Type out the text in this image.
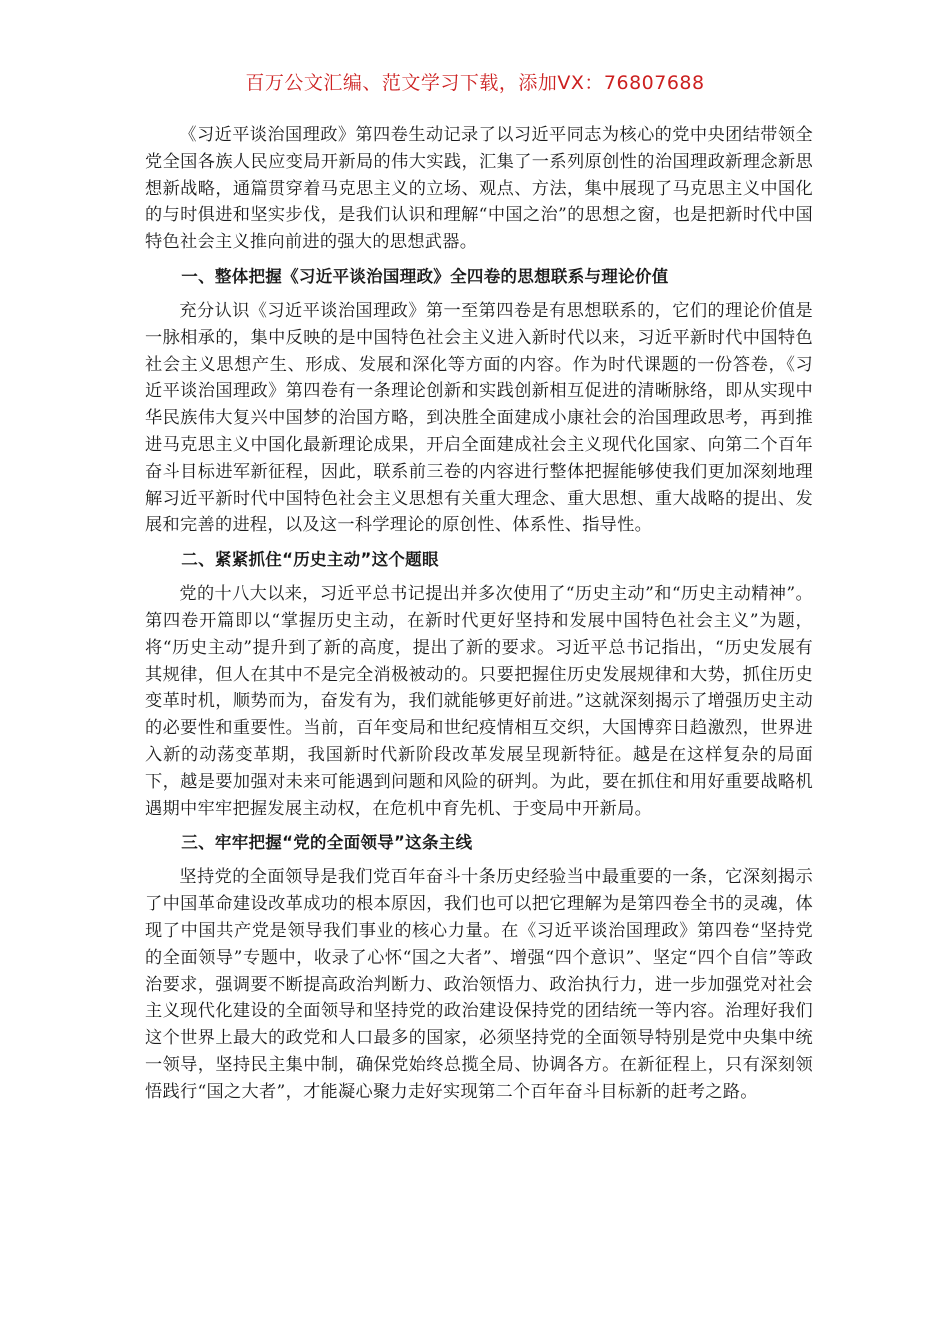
百万公文汇编、范文学习下载，添加VX：76807688

《习近平谈治国理政》第四卷生动记录了以习近平同志为核心的党中央团结带领全党全国各族人民应变局开新局的伟大实践，汇集了一系列原创性的治国理政新理念新思想新战略，通篇贯穿着马克思主义的立场、观点、方法，集中展现了马克思主义中国化的与时俱进和坚实步伐，是我们认识和理解“中国之治”的思想之窗，也是把新时代中国特色社会主义推向前进的强大的思想武器。

一、整体把握《习近平谈治国理政》全四卷的思想联系与理论价值

充分认识《习近平谈治国理政》第一至第四卷是有思想联系的，它们的理论价值是一脉相承的，集中反映的是中国特色社会主义进入新时代以来，习近平新时代中国特色社会主义思想产生、形成、发展和深化等方面的内容。作为时代课题的一份答卷，《习近平谈治国理政》第四卷有一条理论创新和实践创新相互促进的清晰脉络，即从实现中华民族伟大复兴中国梦的治国方略，到决胜全面建成小康社会的治国理政思考，再到推进马克思主义中国化最新理论成果，开启全面建成社会主义现代化国家、向第二个百年奋斗目标进军新征程，因此，联系前三卷的内容进行整体把握能够使我们更加深刻地理解习近平新时代中国特色社会主义思想有关重大理念、重大思想、重大战略的提出、发展和完善的进程，以及这一科学理论的原创性、体系性、指导性。

二、紧紧抓住“历史主动”这个题眼

党的十八大以来，习近平总书记提出并多次使用了“历史主动”和“历史主动精神”。第四卷开篇即以“掌握历史主动，在新时代更好坚持和发展中国特色社会主义”为题，将“历史主动”提升到了新的高度，提出了新的要求。习近平总书记指出，“历史发展有其规律，但人在其中不是完全消极被动的。只要把握住历史发展规律和大势，抓住历史变革时机，顺势而为，奋发有为，我们就能够更好前进。”这就深刻揭示了增强历史主动的必要性和重要性。当前，百年变局和世纪疫情相互交织，大国博弈日趋激烈，世界进入新的动荡变革期，我国新时代新阶段改革发展呈现新特征。越是在这样复杂的局面下，越是要加强对未来可能遇到问题和风险的研判。为此，要在抓住和用好重要战略机遇期中牢牢把握发展主动权，在危机中育先机、于变局中开新局。

三、牢牢把握“党的全面领导”这条主线

坚持党的全面领导是我们党百年奋斗十条历史经验当中最重要的一条，它深刻揭示了中国革命建设改革成功的根本原因，我们也可以把它理解为是第四卷全书的灵魂，体现了中国共产党是领导我们事业的核心力量。在《习近平谈治国理政》第四卷“坚持党的全面领导”专题中，收录了心怀“国之大者”、增强“四个意识”、坚定“四个自信”等政治要求，强调要不断提高政治判断力、政治领悟力、政治执行力，进一步加强党对社会主义现代化建设的全面领导和坚持党的政治建设保持党的团结统一等内容。治理好我们这个世界上最大的政党和人口最多的国家，必须坚持党的全面领导特别是党中央集中统一领导，坚持民主集中制，确保党始终总揽全局、协调各方。在新征程上，只有深刻领悟践行“国之大者”，才能凝心聚力走好实现第二个百年奋斗目标新的赶考之路。
